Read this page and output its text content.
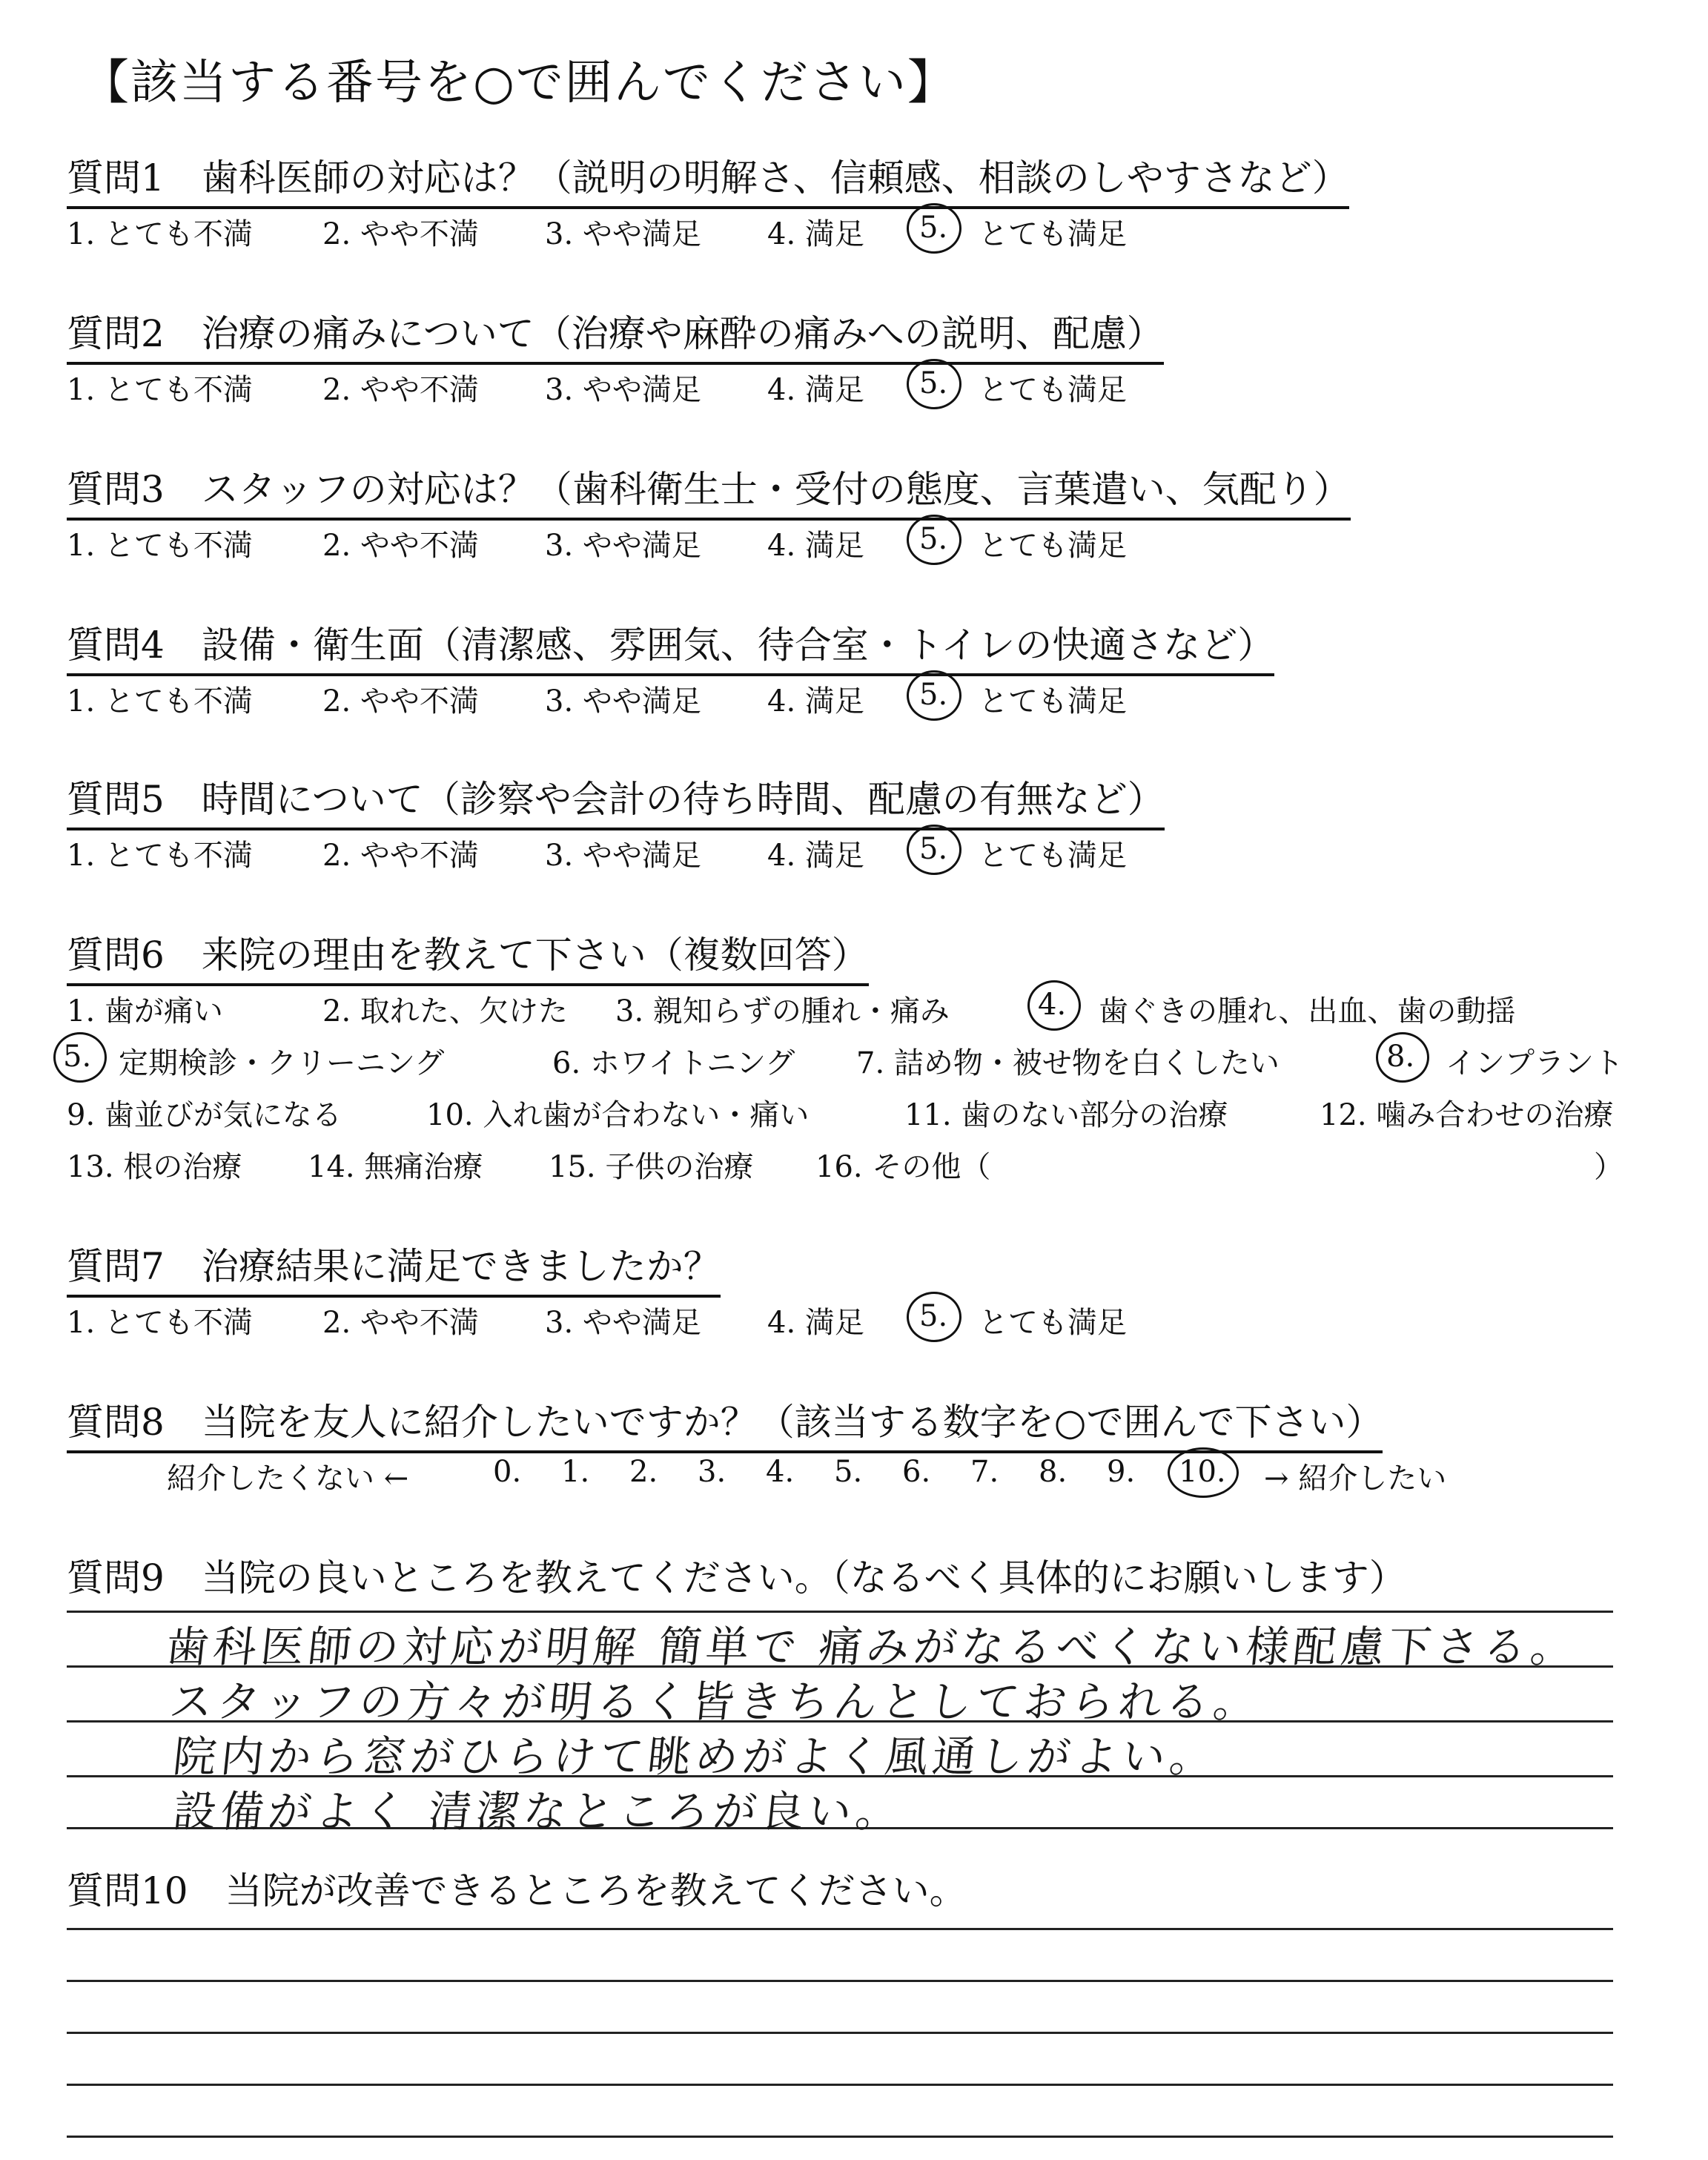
【該当する番号を○で囲んでください】
質問1　歯科医師の対応は？（説明の明解さ、信頼感、相談のしやすさなど）
1. とても不満 2. やや不満 3. やや満足 4. 満足 5. とても満足
質問2　治療の痛みについて（治療や麻酔の痛みへの説明、配慮）
1. とても不満 2. やや不満 3. やや満足 4. 満足 5. とても満足
質問3　スタッフの対応は？（歯科衛生士・受付の態度、言葉遣い、気配り）
1. とても不満 2. やや不満 3. やや満足 4. 満足 5. とても満足
質問4　設備・衛生面（清潔感、雰囲気、待合室・トイレの快適さなど）
1. とても不満 2. やや不満 3. やや満足 4. 満足 5. とても満足
質問5　時間について（診察や会計の待ち時間、配慮の有無など）
1. とても不満 2. やや不満 3. やや満足 4. 満足 5. とても満足
質問6　来院の理由を教えて下さい（複数回答）
1. 歯が痛い	2. 取れた、欠けた 3. 親知らずの腫れ・痛み	4. 歯ぐきの腫れ、出血、歯の動揺
5. 定期検診・クリーニング	6. ホワイトニング 7. 詰め物・被せ物を白くしたい	8. インプラント
9. 歯並びが気になる	10. 入れ歯が合わない・痛い	11. 歯のない部分の治療	12. 噛み合わせの治療
13. 根の治療 14. 無痛治療 15. 子供の治療 16. その他（	）
質問7　治療結果に満足できましたか？
1. とても不満 2. やや不満 3. やや満足 4. 満足 5. とても満足
質問8　当院を友人に紹介したいですか？（該当する数字を○で囲んで下さい）
紹介したくない ←	0. 1. 2. 3. 4. 5. 6. 7. 8. 9. 10. → 紹介したい
質問9　当院の良いところを教えてください。（なるべく具体的にお願いします）
歯科医師の対応が明解 簡単で 痛みがなるべくない様配慮下さる。
スタッフの方々が明るく皆きちんとしておられる。
院内から窓がひらけて眺めがよく風通しがよい。
設備がよく 清潔なところが良い。
質問10　当院が改善できるところを教えてください。
